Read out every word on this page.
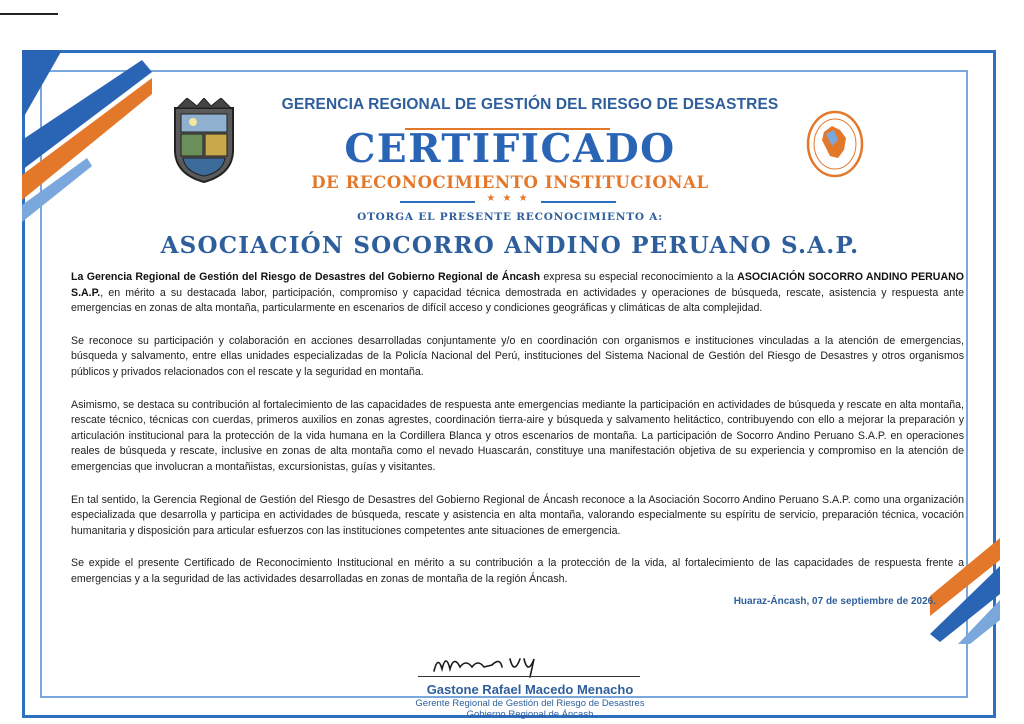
GERENCIA REGIONAL DE GESTIÓN DEL RIESGO DE DESASTRES
CERTIFICADO
DE RECONOCIMIENTO INSTITUCIONAL
★ ★ ★
OTORGA EL PRESENTE RECONOCIMIENTO A:
ASOCIACIÓN SOCORRO ANDINO PERUANO S.A.P.

La Gerencia Regional de Gestión del Riesgo de Desastres del Gobierno Regional de Áncash expresa su especial reconocimiento a la ASOCIACIÓN SOCORRO ANDINO PERUANO S.A.P., en mérito a su destacada labor, participación, compromiso y capacidad técnica demostrada en actividades y operaciones de búsqueda, rescate, asistencia y respuesta ante emergencias en zonas de alta montaña, particularmente en escenarios de difícil acceso y condiciones geográficas y climáticas de alta complejidad.

Se reconoce su participación y colaboración en acciones desarrolladas conjuntamente y/o en coordinación con organismos e instituciones vinculadas a la atención de emergencias, búsqueda y salvamento, entre ellas unidades especializadas de la Policía Nacional del Perú, instituciones del Sistema Nacional de Gestión del Riesgo de Desastres y otros organismos públicos y privados relacionados con el rescate y la seguridad en montaña.

Asimismo, se destaca su contribución al fortalecimiento de las capacidades de respuesta ante emergencias mediante la participación en actividades de búsqueda y rescate en alta montaña, rescate técnico, técnicas con cuerdas, primeros auxilios en zonas agrestes, coordinación tierra-aire y búsqueda y salvamento helitáctico, contribuyendo con ello a mejorar la preparación y articulación institucional para la protección de la vida humana en la Cordillera Blanca y otros escenarios de montaña. La participación de Socorro Andino Peruano S.A.P. en operaciones reales de búsqueda y rescate, inclusive en zonas de alta montaña como el nevado Huascarán, constituye una manifestación objetiva de su experiencia y compromiso en la atención de emergencias que involucran a montañistas, excursionistas, guías y visitantes.

En tal sentido, la Gerencia Regional de Gestión del Riesgo de Desastres del Gobierno Regional de Áncash reconoce a la Asociación Socorro Andino Peruano S.A.P. como una organización especializada que desarrolla y participa en actividades de búsqueda, rescate y asistencia en alta montaña, valorando especialmente su espíritu de servicio, preparación técnica, vocación humanitaria y disposición para articular esfuerzos con las instituciones competentes ante situaciones de emergencia.

Se expide el presente Certificado de Reconocimiento Institucional en mérito a su contribución a la protección de la vida, al fortalecimiento de las capacidades de respuesta frente a emergencias y a la seguridad de las actividades desarrolladas en zonas de montaña de la región Áncash.

Huaraz-Áncash, 07 de septiembre de 2026.
Gastone Rafael Macedo Menacho
Gerente Regional de Gestión del Riesgo de Desastres
Gobierno Regional de Áncash
